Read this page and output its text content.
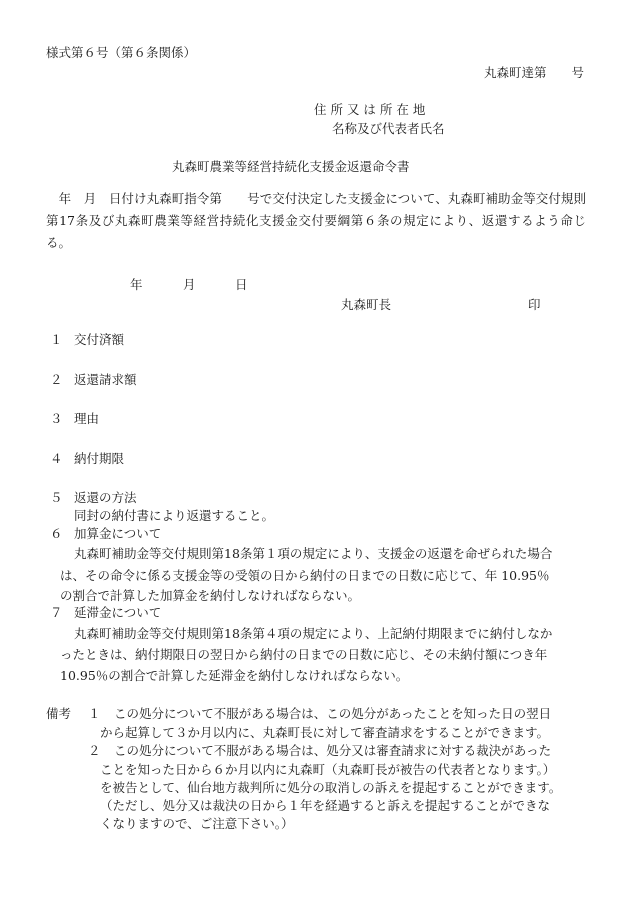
様式第６号（第６条関係）
丸森町達第　　号
住 所 又 は 所 在 地
名称及び代表者氏名
丸森町農業等経営持続化支援金返還命令書
　年　月　日付け丸森町指令第　　号で交付決定した支援金について、丸森町補助金等交付規則第17条及び丸森町農業等経営持続化支援金交付要綱第６条の規定により、返還するよう命じる。
年	月	日
丸森町長	印
１ 交付済額
２ 返還請求額
３ 理由
４ 納付期限
５ 返還の方法
同封の納付書により返還すること。
６ 加算金について
丸森町補助金等交付規則第18条第１項の規定により、支援金の返還を命ぜられた場合
は、その命令に係る支援金等の受領の日から納付の日までの日数に応じて、年 10.95％
の割合で計算した加算金を納付しなければならない。
７ 延滞金について
丸森町補助金等交付規則第18条第４項の規定により、上記納付期限までに納付しなか
ったときは、納付期限日の翌日から納付の日までの日数に応じ、その未納付額につき年
10.95％の割合で計算した延滞金を納付しなければならない。
備考 １ この処分について不服がある場合は、この処分があったことを知った日の翌日
から起算して３か月以内に、丸森町長に対して審査請求をすることができます。
２ この処分について不服がある場合は、処分又は審査請求に対する裁決があった
ことを知った日から６か月以内に丸森町（丸森町長が被告の代表者となります。）
を被告として、仙台地方裁判所に処分の取消しの訴えを提起することができます。
（ただし、処分又は裁決の日から１年を経過すると訴えを提起することができな
くなりますので、ご注意下さい。）
